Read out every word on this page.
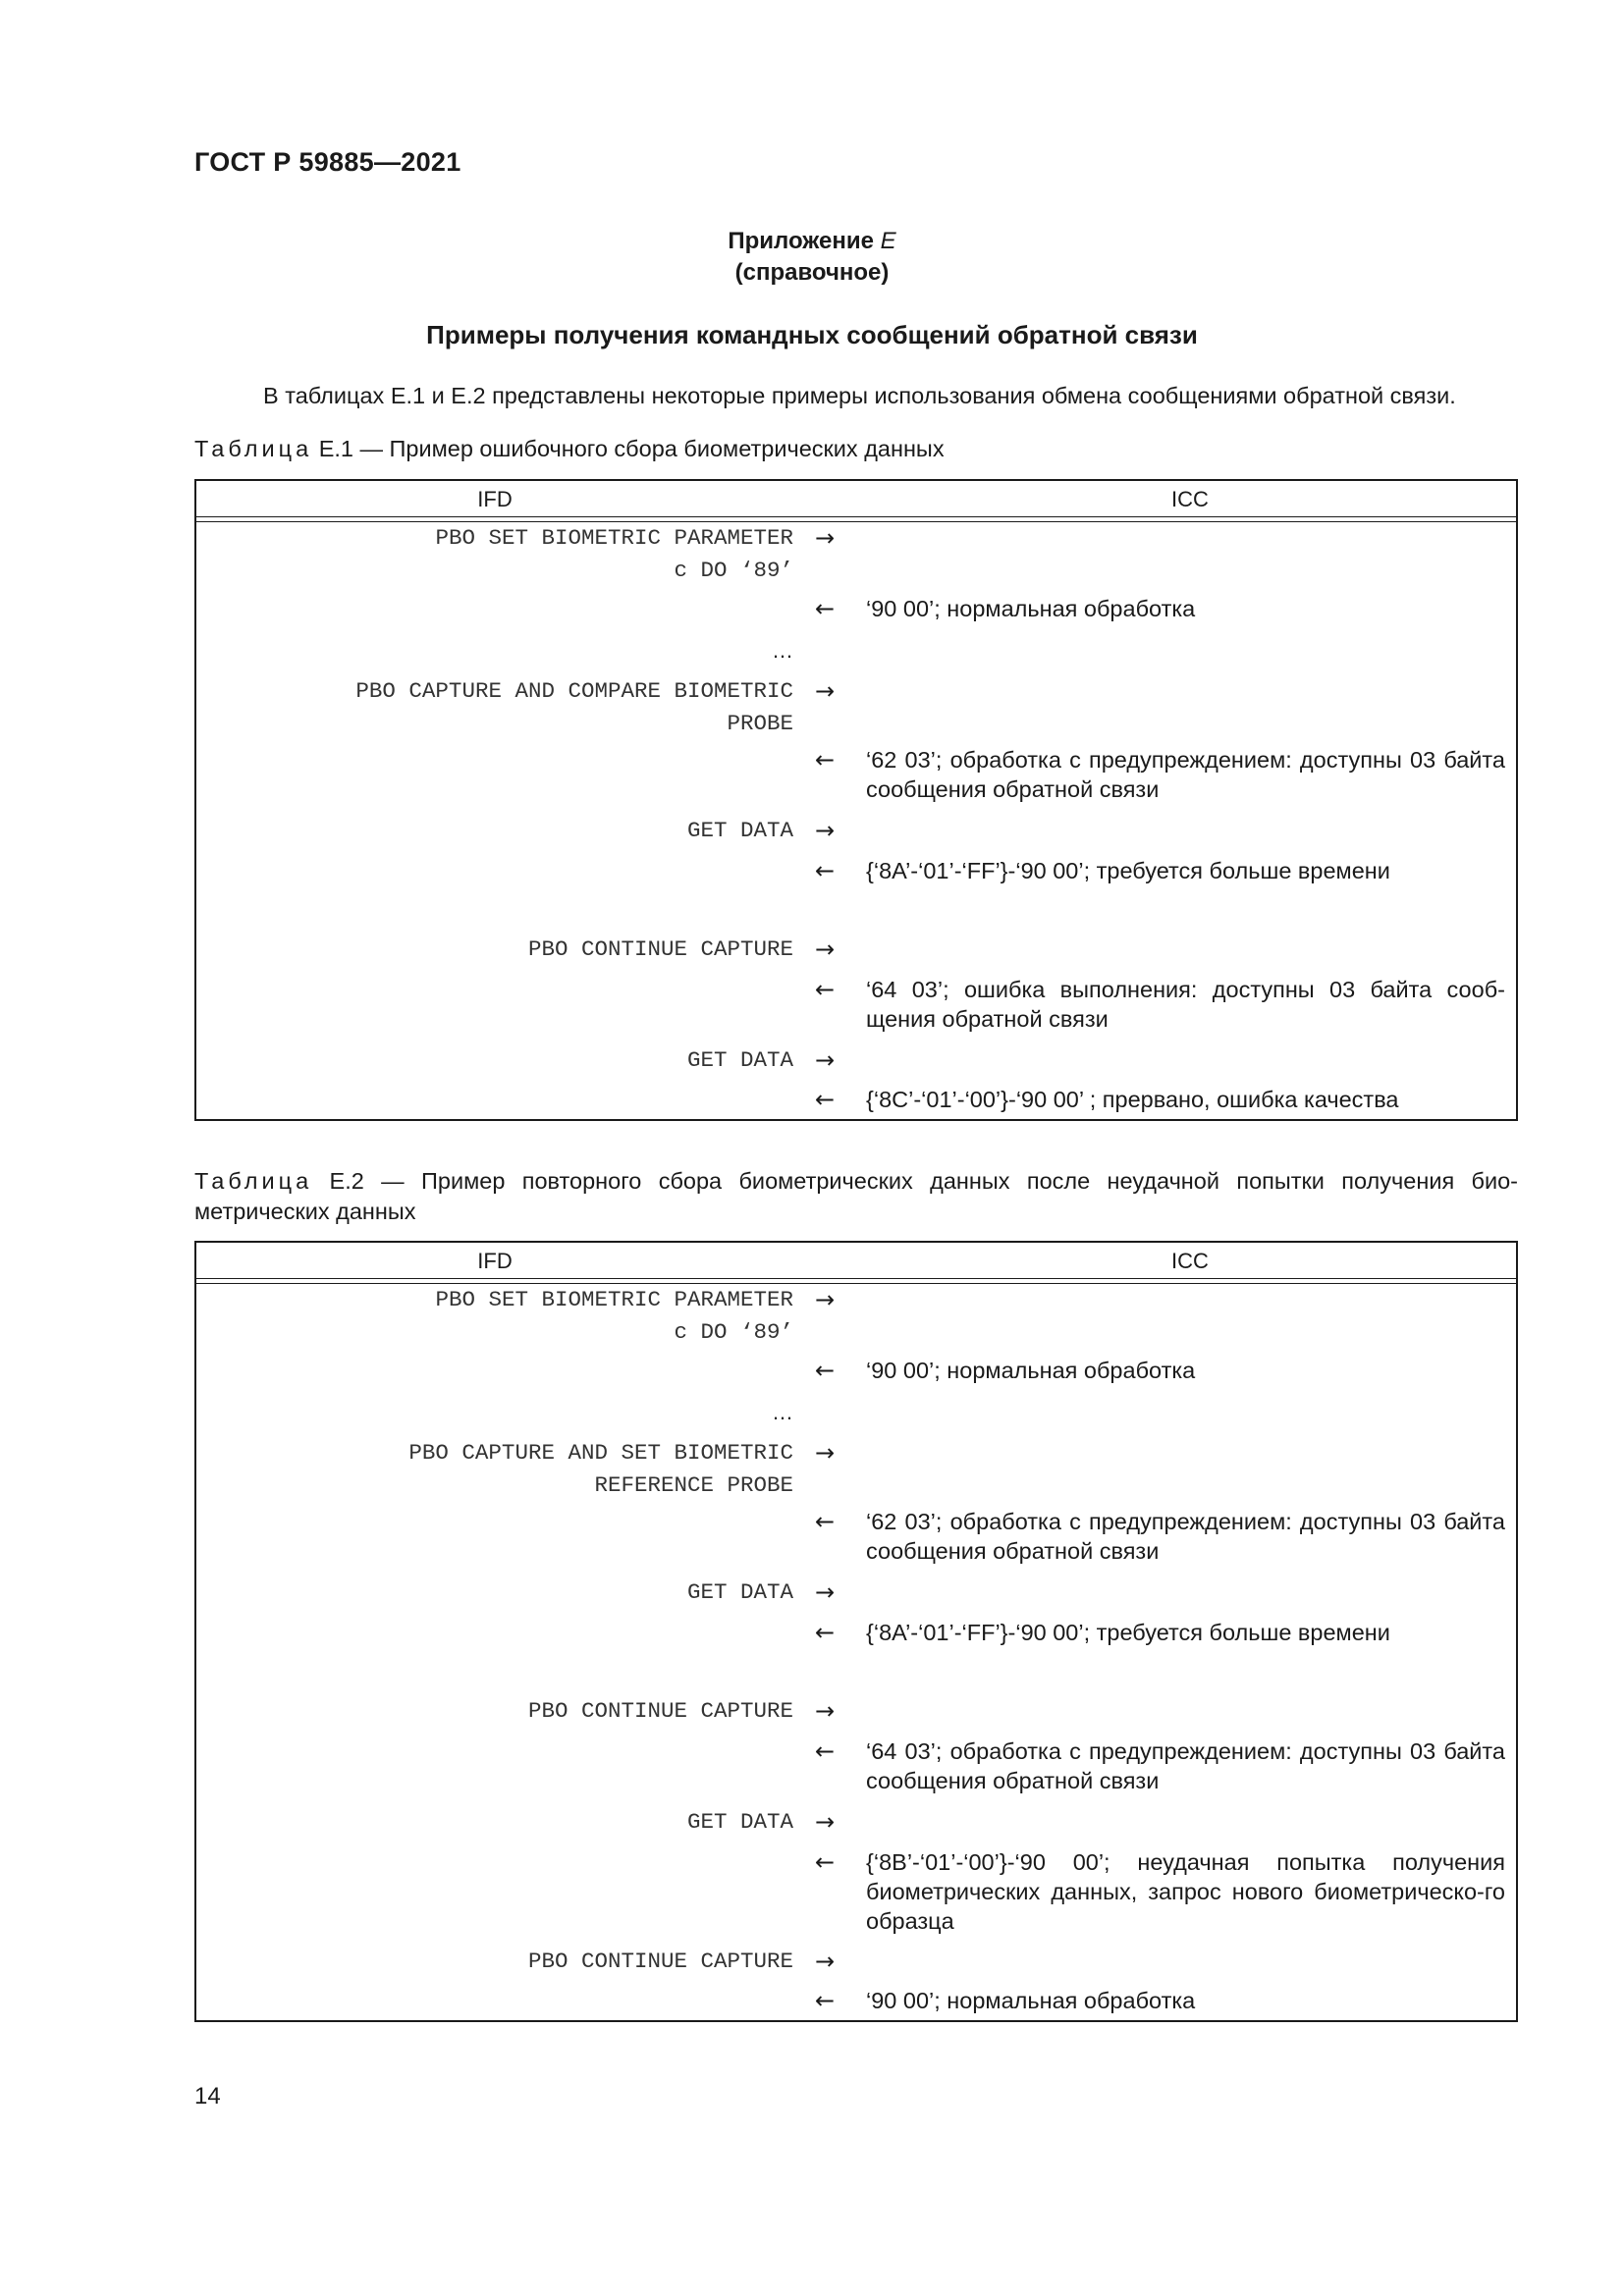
ГОСТ Р 59885—2021
Приложение E
(справочное)
Примеры получения командных сообщений обратной связи
В таблицах Е.1 и Е.2 представлены некоторые примеры использования обмена сообщениями обратной связи.
Таблица Е.1 — Пример ошибочного сбора биометрических данных
IFD	ICC
PBO SET BIOMETRIC PARAMETER
с DO ‘89’
→
←	‘90 00’; нормальная обработка
…
PBO CAPTURE AND COMPARE BIOMETRIC
PROBE
→
←	‘62 03’; обработка с предупреждением: доступны 03 байта сообщения обратной связи
GET DATA →
←	{‘8A’-‘01’-‘FF’}-‘90 00’; требуется больше времени
PBO CONTINUE CAPTURE →
←	‘64 03’; ошибка выполнения: доступны 03 байта сооб-щения обратной связи
GET DATA →
←	{‘8C’-‘01’-‘00’}-‘90 00’ ; прервано, ошибка качества
Таблица Е.2 — Пример повторного сбора биометрических данных после неудачной попытки получения био-метрических данных
IFD	ICC
PBO SET BIOMETRIC PARAMETER
с DO ‘89’
→
←	‘90 00’; нормальная обработка
…
PBO CAPTURE AND SET BIOMETRIC
REFERENCE PROBE
→
←	‘62 03’; обработка с предупреждением: доступны 03 байта сообщения обратной связи
GET DATA →
←	{‘8A’-‘01’-‘FF’}-‘90 00’; требуется больше времени
PBO CONTINUE CAPTURE →
←	‘64 03’; обработка с предупреждением: доступны 03 байта сообщения обратной связи
GET DATA →
←	{‘8B’-‘01’-‘00’}-‘90 00’; неудачная попытка получения биометрических данных, запрос нового биометрическо-го образца
PBO CONTINUE CAPTURE →
←	‘90 00’; нормальная обработка
14
